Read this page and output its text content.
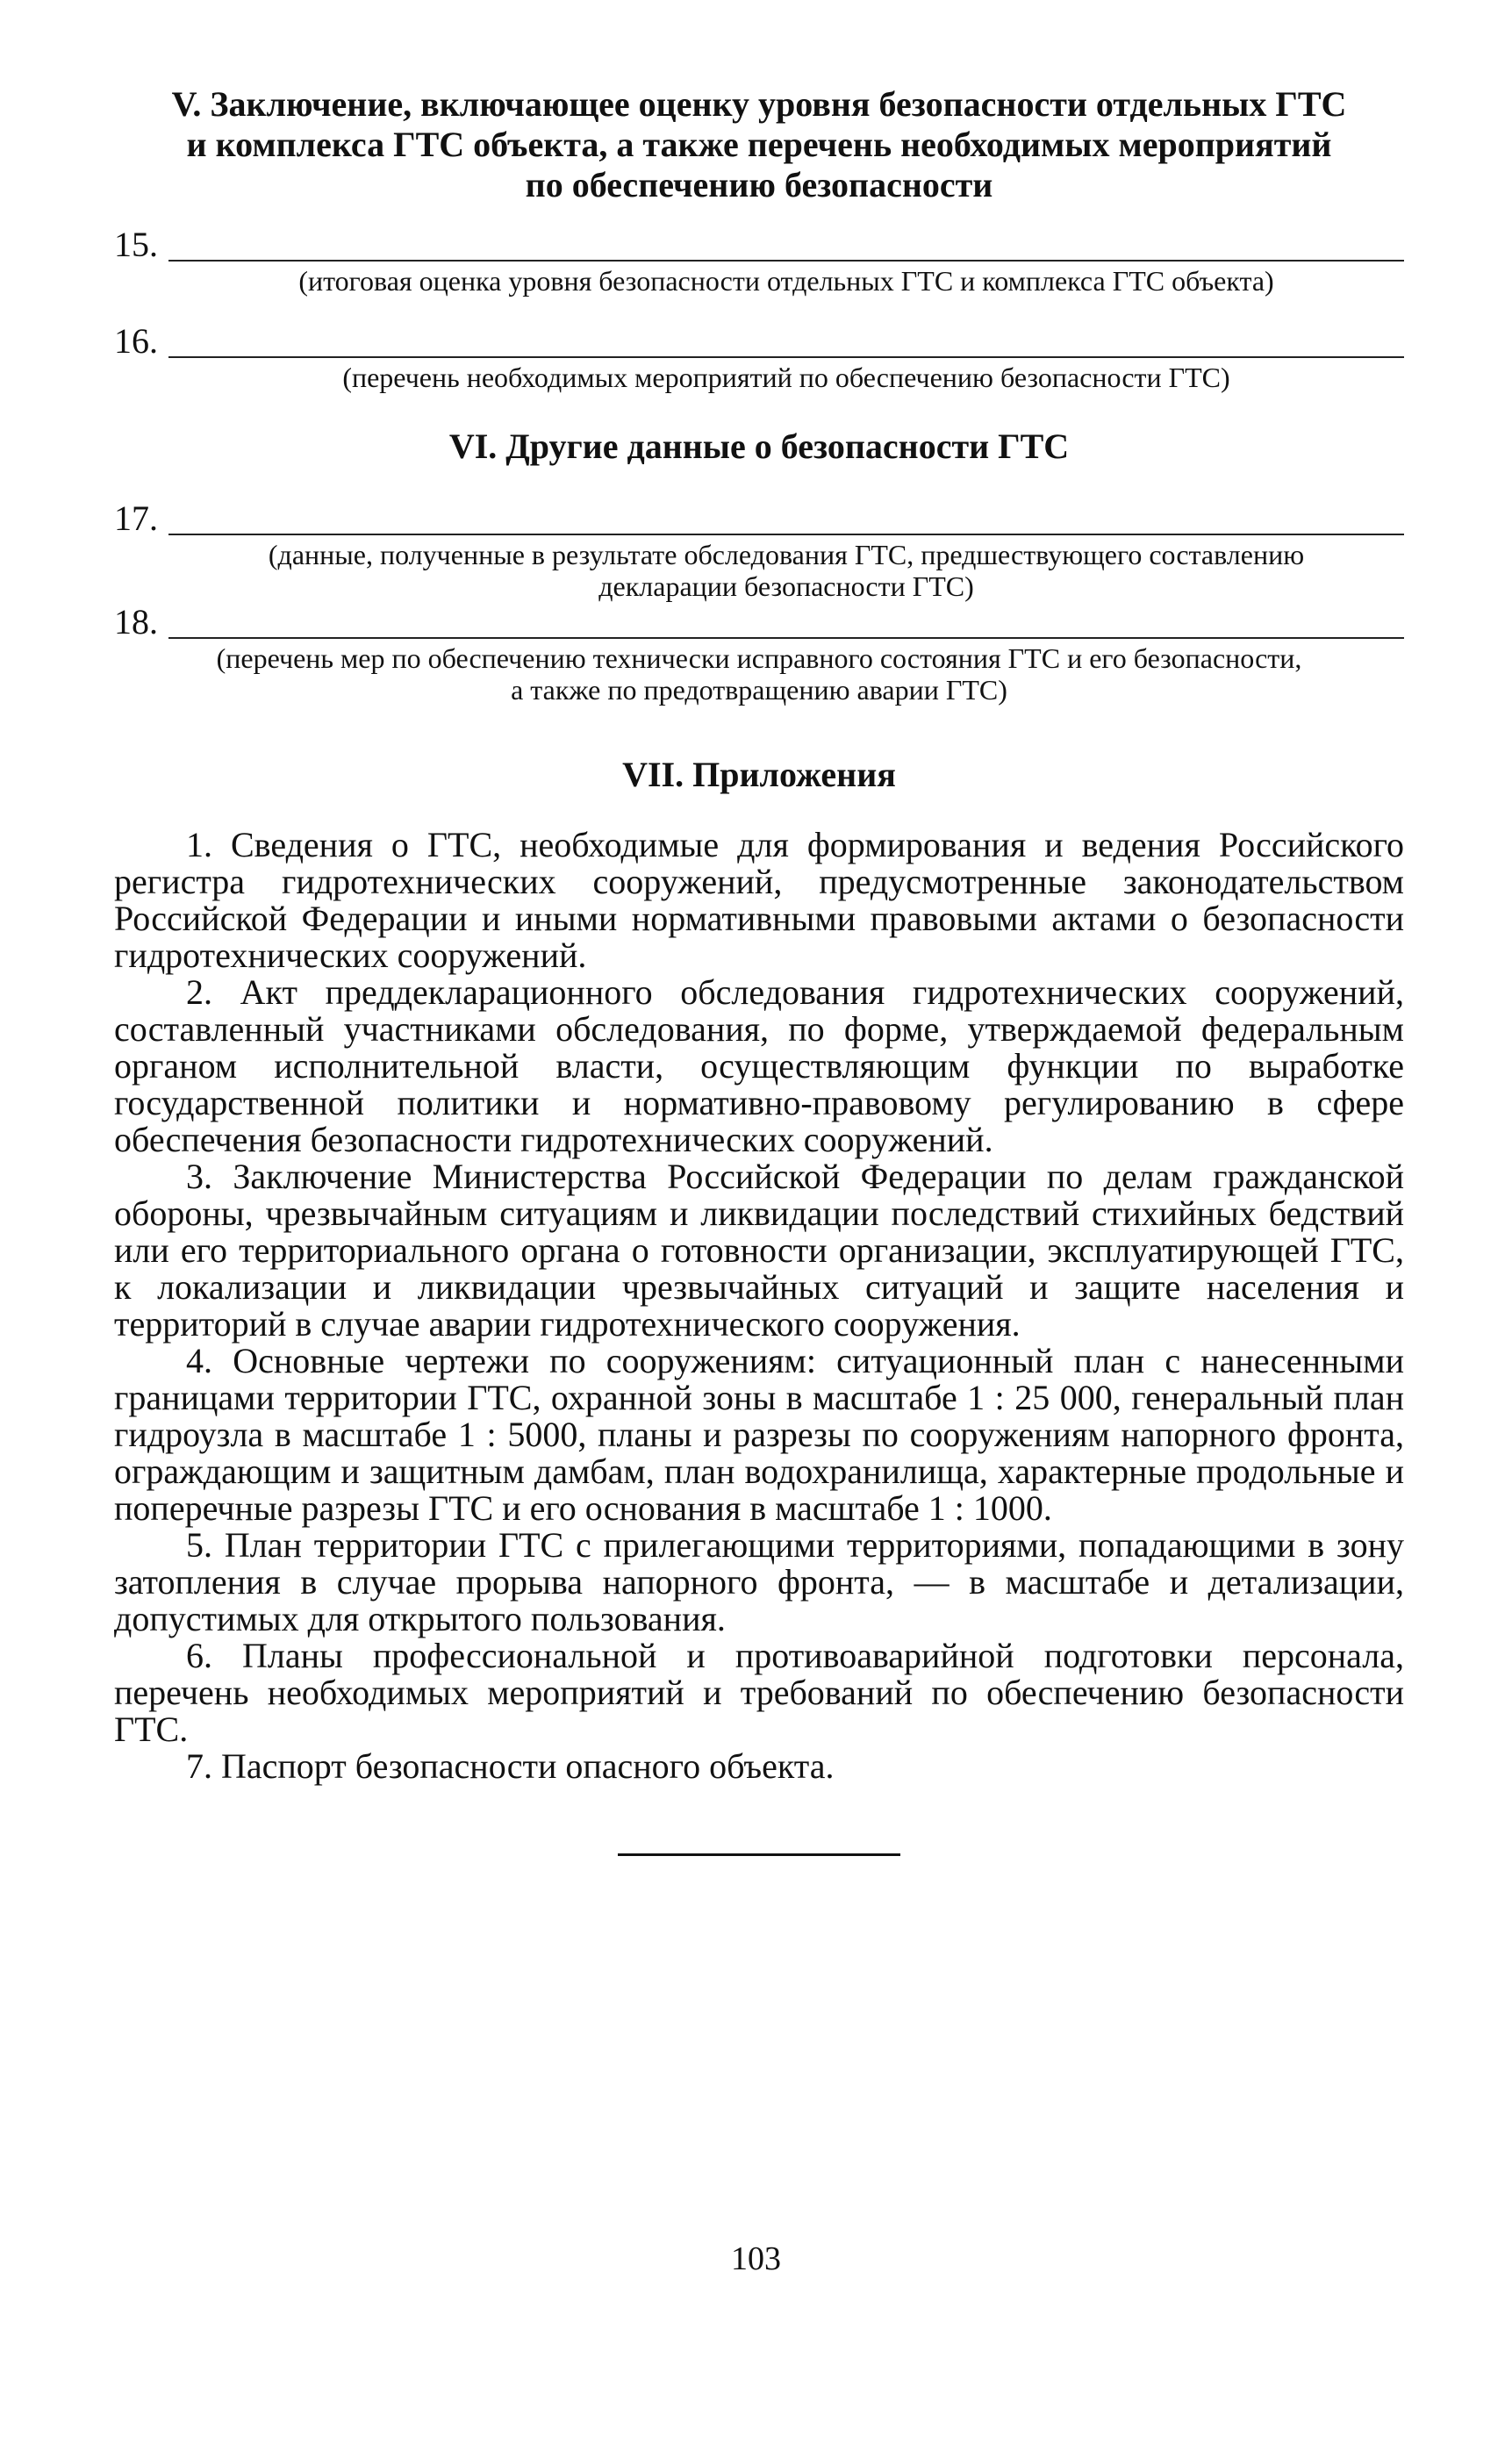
V. Заключение, включающее оценку уровня безопасности отдельных ГТС
и комплекса ГТС объекта, а также перечень необходимых мероприятий
по обеспечению безопасности
15.
(итоговая оценка уровня безопасности отдельных ГТС и комплекса ГТС объекта)
16.
(перечень необходимых мероприятий по обеспечению безопасности ГТС)
VI. Другие данные о безопасности ГТС
17.
(данные, полученные в результате обследования ГТС, предшествующего составлению
декларации безопасности ГТС)
18.
(перечень мер по обеспечению технически исправного состояния ГТС и его безопасности,
а также по предотвращению аварии ГТС)
VII. Приложения

1. Сведения о ГТС, необходимые для формирования и ведения Российского регистра гидротехнических сооружений, предусмотренные законодательством Российской Федерации и иными нормативными правовыми актами о безопасности гидротехнических сооружений.

2. Акт преддекларационного обследования гидротехнических сооружений, составленный участниками обследования, по форме, утверждаемой федеральным органом исполнительной власти, осуществляющим функции по выработке государственной политики и нормативно-правовому регулированию в сфере обеспечения безопасности гидротехнических сооружений.

3. Заключение Министерства Российской Федерации по делам гражданской обороны, чрезвычайным ситуациям и ликвидации последствий стихийных бедствий или его территориального органа о готовности организации, эксплуатирующей ГТС, к локализации и ликвидации чрезвычайных ситуаций и защите населения и территорий в случае аварии гидротехнического сооружения.

4. Основные чертежи по сооружениям: ситуационный план с нанесенными границами территории ГТС, охранной зоны в масштабе 1 : 25 000, генеральный план гидроузла в масштабе 1 : 5000, планы и разрезы по сооружениям напорного фронта, ограждающим и защитным дамбам, план водохранилища, характерные продольные и поперечные разрезы ГТС и его основания в масштабе 1 : 1000.

5. План территории ГТС с прилегающими территориями, попадающими в зону затопления в случае прорыва напорного фронта, — в масштабе и детализации, допустимых для открытого пользования.

6. Планы профессиональной и противоаварийной подготовки персонала, перечень необходимых мероприятий и требований по обеспечению безопасности ГТС.

7. Паспорт безопасности опасного объекта.

103
